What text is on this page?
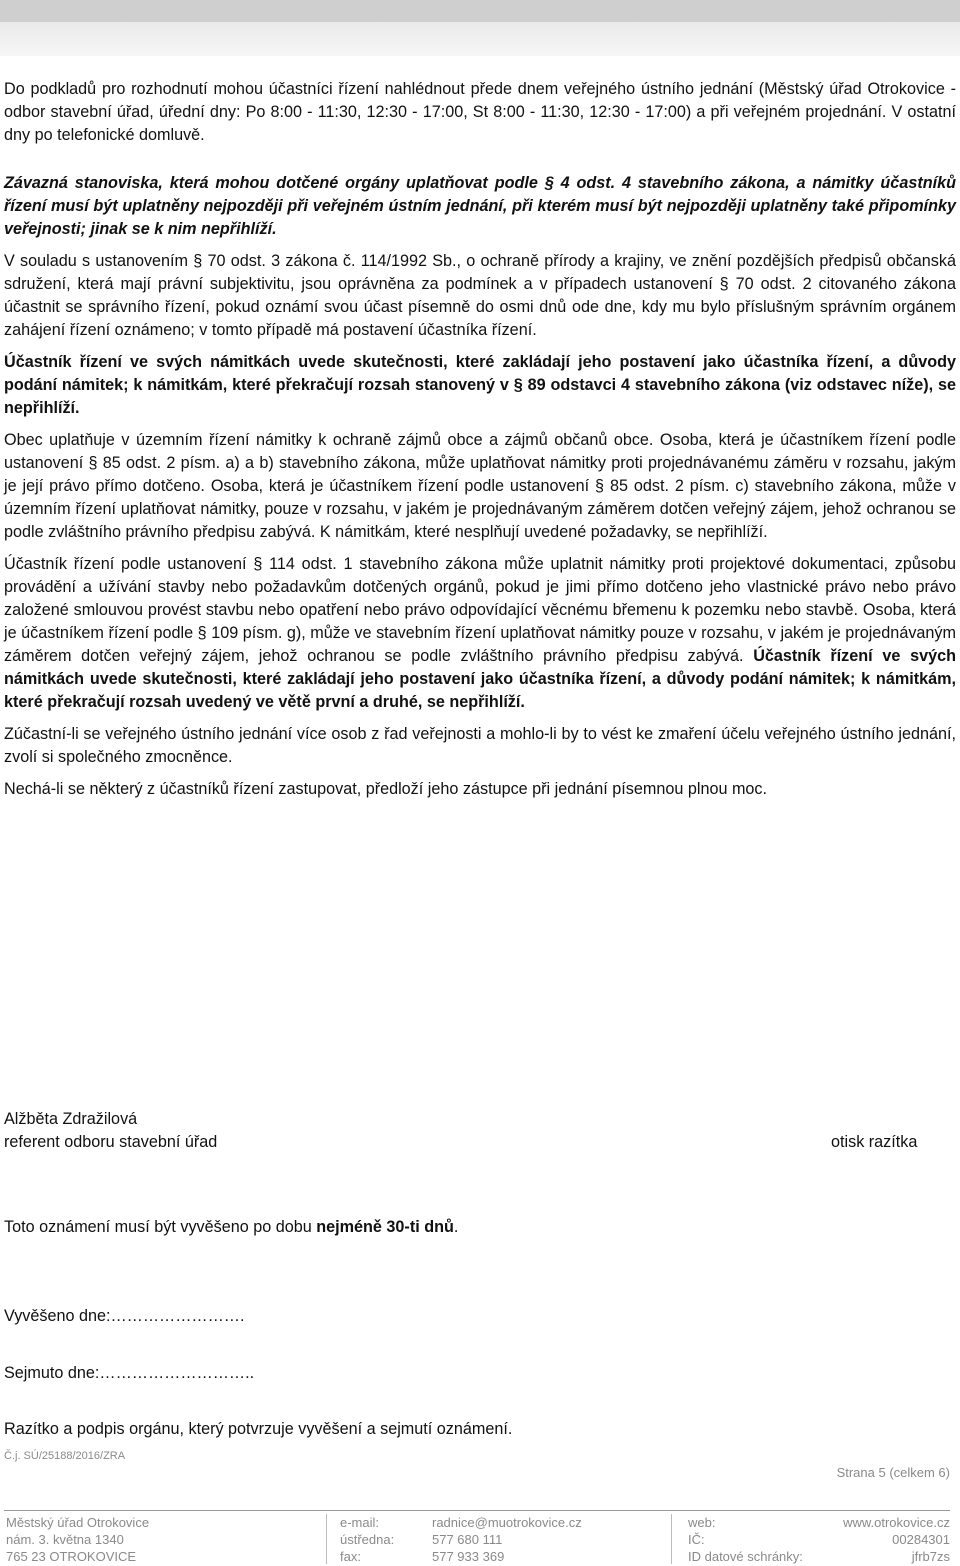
Do podkladů pro rozhodnutí mohou účastníci řízení nahlédnout přede dnem veřejného ústního jednání (Městský úřad Otrokovice - odbor stavební úřad, úřední dny: Po 8:00 - 11:30, 12:30 - 17:00, St 8:00 - 11:30, 12:30 - 17:00) a při veřejném projednání. V ostatní dny po telefonické domluvě.

Závazná stanoviska, která mohou dotčené orgány uplatňovat podle § 4 odst. 4 stavebního zákona, a námitky účastníků řízení musí být uplatněny nejpozději při veřejném ústním jednání, při kterém musí být nejpozději uplatněny také připomínky veřejnosti; jinak se k nim nepřihlíží.

V souladu s ustanovením § 70 odst. 3 zákona č. 114/1992 Sb., o ochraně přírody a krajiny, ve znění pozdějších předpisů občanská sdružení, která mají právní subjektivitu, jsou oprávněna za podmínek a v případech ustanovení § 70 odst. 2 citovaného zákona účastnit se správního řízení, pokud oznámí svou účast písemně do osmi dnů ode dne, kdy mu bylo příslušným správním orgánem zahájení řízení oznámeno; v tomto případě má postavení účastníka řízení.

Účastník řízení ve svých námitkách uvede skutečnosti, které zakládají jeho postavení jako účastníka řízení, a důvody podání námitek; k námitkám, které překračují rozsah stanovený v § 89 odstavci 4 stavebního zákona (viz odstavec níže), se nepřihlíží.

Obec uplatňuje v územním řízení námitky k ochraně zájmů obce a zájmů občanů obce. Osoba, která je účastníkem řízení podle ustanovení § 85 odst. 2 písm. a) a b) stavebního zákona, může uplatňovat námitky proti projednávanému záměru v rozsahu, jakým je její právo přímo dotčeno. Osoba, která je účastníkem řízení podle ustanovení § 85 odst. 2 písm. c) stavebního zákona, může v územním řízení uplatňovat námitky, pouze v rozsahu, v jakém je projednávaným záměrem dotčen veřejný zájem, jehož ochranou se podle zvláštního právního předpisu zabývá. K námitkám, které nesplňují uvedené požadavky, se nepřihlíží.

Účastník řízení podle ustanovení § 114 odst. 1 stavebního zákona může uplatnit námitky proti projektové dokumentaci, způsobu provádění a užívání stavby nebo požadavkům dotčených orgánů, pokud je jimi přímo dotčeno jeho vlastnické právo nebo právo založené smlouvou provést stavbu nebo opatření nebo právo odpovídající věcnému břemenu k pozemku nebo stavbě. Osoba, která je účastníkem řízení podle § 109 písm. g), může ve stavebním řízení uplatňovat námitky pouze v rozsahu, v jakém je projednávaným záměrem dotčen veřejný zájem, jehož ochranou se podle zvláštního právního předpisu zabývá. Účastník řízení ve svých námitkách uvede skutečnosti, které zakládají jeho postavení jako účastníka řízení, a důvody podání námitek; k námitkám, které překračují rozsah uvedený ve větě první a druhé, se nepřihlíží.

Zúčastní-li se veřejného ústního jednání více osob z řad veřejnosti a mohlo-li by to vést ke zmaření účelu veřejného ústního jednání, zvolí si společného zmocněnce.

Nechá-li se některý z účastníků řízení zastupovat, předloží jeho zástupce při jednání písemnou plnou moc.

Alžběta Zdražilová
referent odboru stavební úřad	otisk razítka
Toto oznámení musí být vyvěšeno po dobu nejméně 30-ti dnů.
Vyvěšeno dne:…………………….
Sejmuto dne:………………………..
Razítko a podpis orgánu, který potvrzuje vyvěšení a sejmutí oznámení.
Č.j. SÚ/25188/2016/ZRA
Strana 5 (celkem 6)
Městský úřad Otrokovice
nám. 3. května 1340
765 23 OTROKOVICE
e-mail:
ústředna:
fax:
radnice@muotrokovice.cz
577 680 111
577 933 369
web:
IČ:
ID datové schránky:
www.otrokovice.cz
00284301
jfrb7zs
